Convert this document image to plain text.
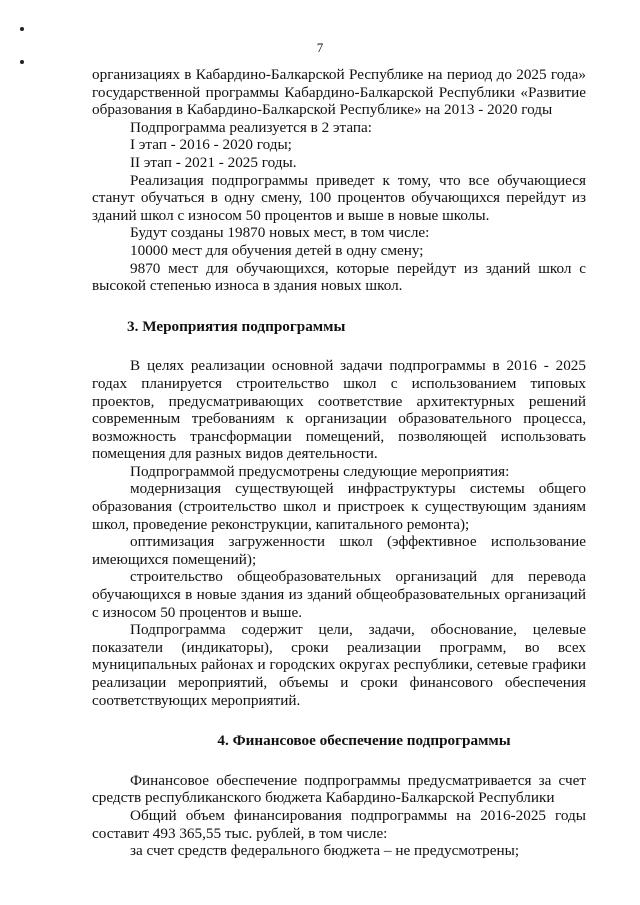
7

организациях в Кабардино-Балкарской Республике на период до 2025 года» государственной программы Кабардино-Балкарской Республики «Развитие образования в Кабардино-Балкарской Республике» на 2013 - 2020 годы

Подпрограмма реализуется в 2 этапа:

I этап - 2016 - 2020 годы;

II этап - 2021 - 2025 годы.

Реализация подпрограммы приведет к тому, что все обучающиеся станут обучаться в одну смену, 100 процентов обучающихся перейдут из зданий школ с износом 50 процентов и выше в новые школы.

Будут созданы 19870 новых мест, в том числе:

10000 мест для обучения детей в одну смену;

9870 мест для обучающихся, которые перейдут из зданий школ с высокой степенью износа в здания новых школ.

3. Мероприятия подпрограммы

В целях реализации основной задачи подпрограммы в 2016 - 2025 годах планируется строительство школ с использованием типовых проектов, предусматривающих соответствие архитектурных решений современным требованиям к организации образовательного процесса, возможность трансформации помещений, позволяющей использовать помещения для разных видов деятельности.

Подпрограммой предусмотрены следующие мероприятия:

модернизация существующей инфраструктуры системы общего образования (строительство школ и пристроек к существующим зданиям школ, проведение реконструкции, капитального ремонта);

оптимизация загруженности школ (эффективное использование имеющихся помещений);

строительство общеобразовательных организаций для перевода обучающихся в новые здания из зданий общеобразовательных организаций с износом 50 процентов и выше.

Подпрограмма содержит цели, задачи, обоснование, целевые показатели (индикаторы), сроки реализации программ, во всех муниципальных районах и городских округах республики, сетевые графики реализации мероприятий, объемы и сроки финансового обеспечения соответствующих мероприятий.

4. Финансовое обеспечение подпрограммы

Финансовое обеспечение подпрограммы предусматривается за счет средств республиканского бюджета Кабардино-Балкарской Республики

Общий объем финансирования подпрограммы на 2016-2025 годы составит 493 365,55 тыс. рублей, в том числе:

за счет средств федерального бюджета – не предусмотрены;
